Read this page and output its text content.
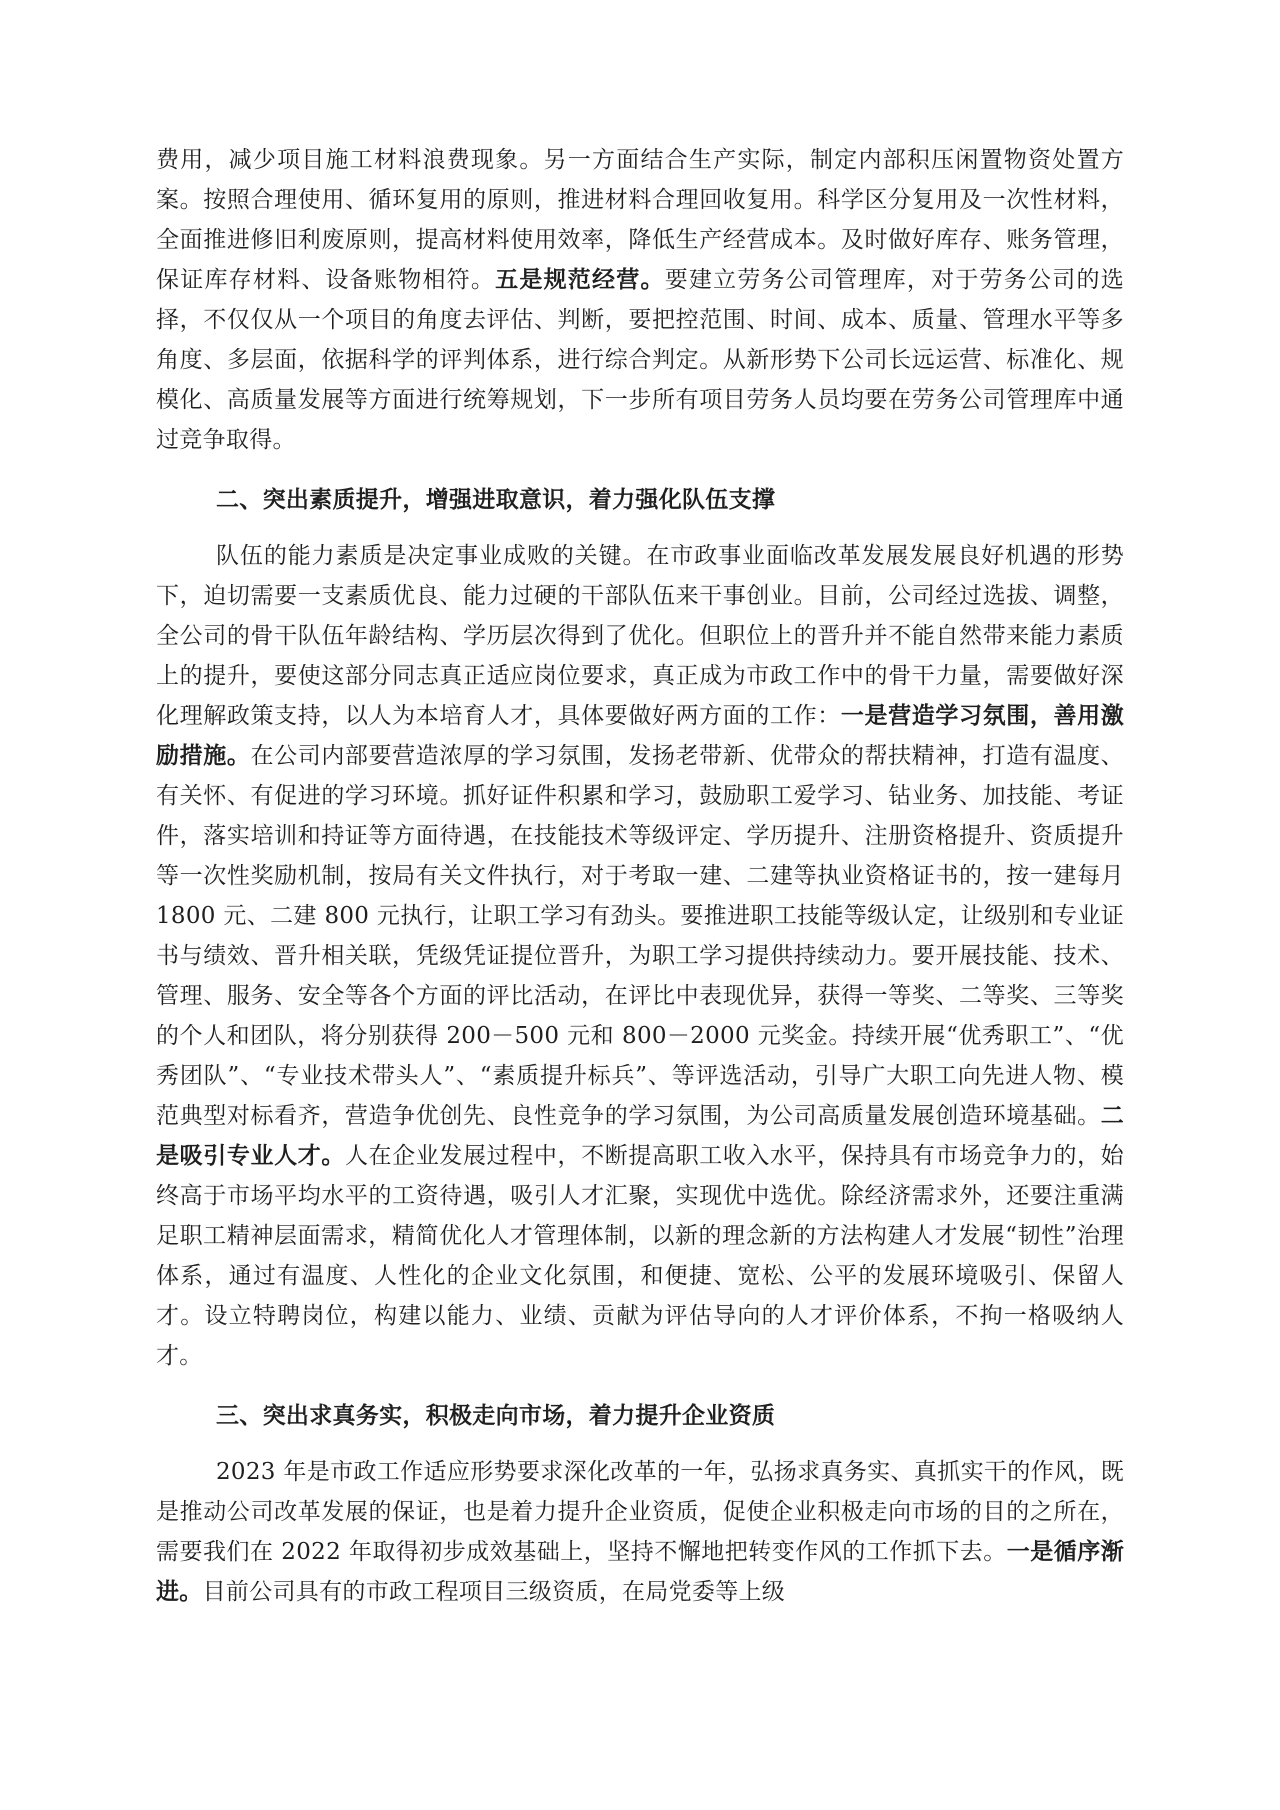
费用，减少项目施工材料浪费现象。另一方面结合生产实际，制定内部积压闲置物资处置方案。按照合理使用、循环复用的原则，推进材料合理回收复用。科学区分复用及一次性材料，全面推进修旧利废原则，提高材料使用效率，降低生产经营成本。及时做好库存、账务管理，保证库存材料、设备账物相符。五是规范经营。要建立劳务公司管理库，对于劳务公司的选择，不仅仅从一个项目的角度去评估、判断，要把控范围、时间、成本、质量、管理水平等多角度、多层面，依据科学的评判体系，进行综合判定。从新形势下公司长远运营、标准化、规模化、高质量发展等方面进行统筹规划，下一步所有项目劳务人员均要在劳务公司管理库中通过竞争取得。

二、突出素质提升，增强进取意识，着力强化队伍支撑

队伍的能力素质是决定事业成败的关键。在市政事业面临改革发展发展良好机遇的形势下，迫切需要一支素质优良、能力过硬的干部队伍来干事创业。目前，公司经过选拔、调整，全公司的骨干队伍年龄结构、学历层次得到了优化。但职位上的晋升并不能自然带来能力素质上的提升，要使这部分同志真正适应岗位要求，真正成为市政工作中的骨干力量，需要做好深化理解政策支持，以人为本培育人才，具体要做好两方面的工作：一是营造学习氛围，善用激励措施。在公司内部要营造浓厚的学习氛围，发扬老带新、优带众的帮扶精神，打造有温度、有关怀、有促进的学习环境。抓好证件积累和学习，鼓励职工爱学习、钻业务、加技能、考证件，落实培训和持证等方面待遇，在技能技术等级评定、学历提升、注册资格提升、资质提升等一次性奖励机制，按局有关文件执行，对于考取一建、二建等执业资格证书的，按一建每月 1800 元、二建 800 元执行，让职工学习有劲头。要推进职工技能等级认定，让级别和专业证书与绩效、晋升相关联，凭级凭证提位晋升，为职工学习提供持续动力。要开展技能、技术、管理、服务、安全等各个方面的评比活动，在评比中表现优异，获得一等奖、二等奖、三等奖的个人和团队，将分别获得 200－500 元和 800－2000 元奖金。持续开展“优秀职工”、“优秀团队”、“专业技术带头人”、“素质提升标兵”、等评选活动，引导广大职工向先进人物、模范典型对标看齐，营造争优创先、良性竞争的学习氛围，为公司高质量发展创造环境基础。二是吸引专业人才。人在企业发展过程中，不断提高职工收入水平，保持具有市场竞争力的，始终高于市场平均水平的工资待遇，吸引人才汇聚，实现优中选优。除经济需求外，还要注重满足职工精神层面需求，精简优化人才管理体制，以新的理念新的方法构建人才发展“韧性”治理体系，通过有温度、人性化的企业文化氛围，和便捷、宽松、公平的发展环境吸引、保留人才。设立特聘岗位，构建以能力、业绩、贡献为评估导向的人才评价体系，不拘一格吸纳人才。

三、突出求真务实，积极走向市场，着力提升企业资质

2023 年是市政工作适应形势要求深化改革的一年，弘扬求真务实、真抓实干的作风，既是推动公司改革发展的保证，也是着力提升企业资质，促使企业积极走向市场的目的之所在，需要我们在 2022 年取得初步成效基础上，坚持不懈地把转变作风的工作抓下去。一是循序渐进。目前公司具有的市政工程项目三级资质，在局党委等上级
